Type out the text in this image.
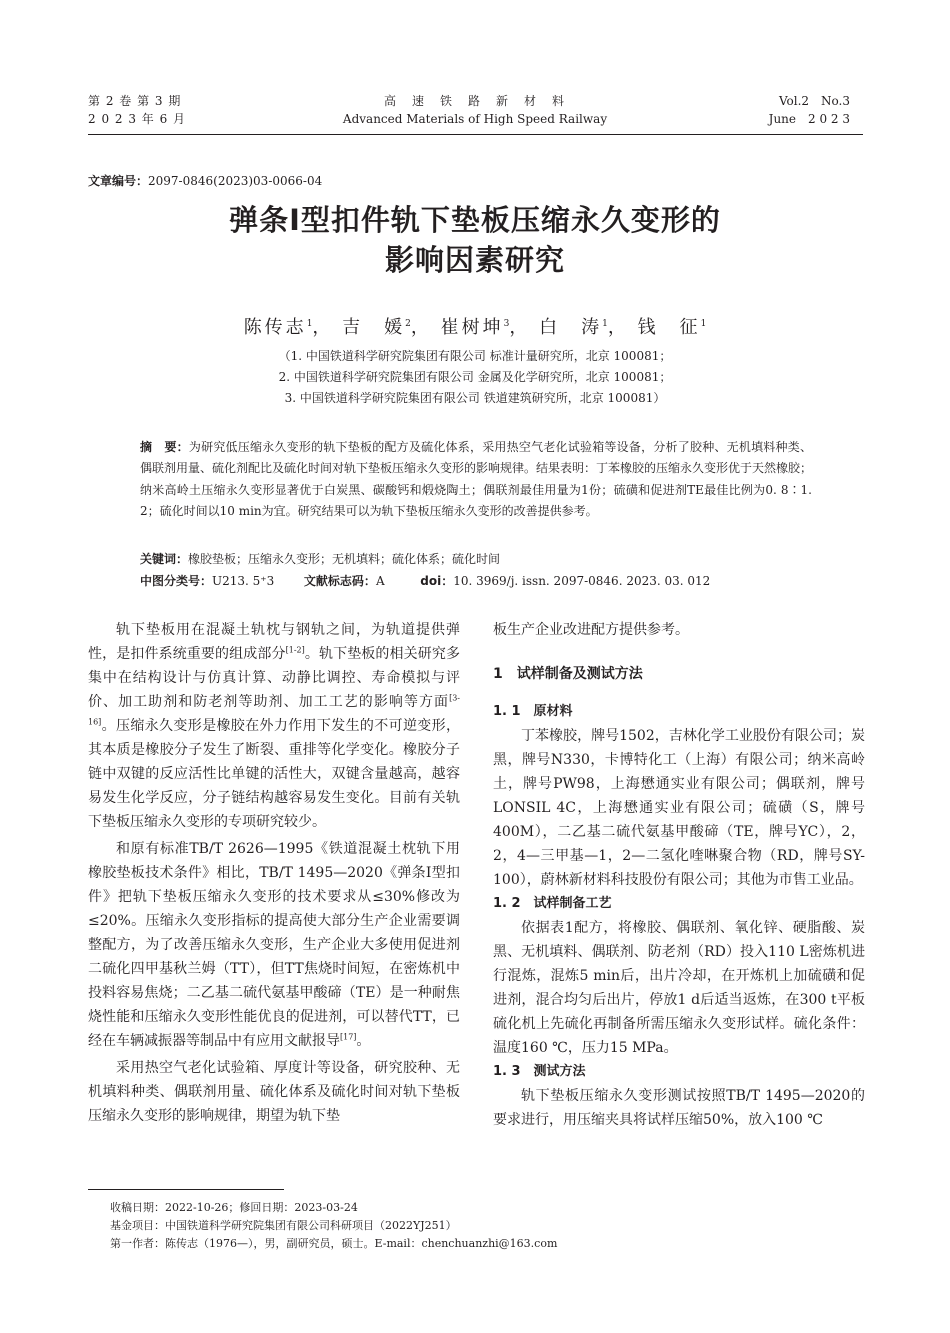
第 2 卷 第 3 期
2 0 2 3 年 6 月
高　速　铁　路　新　材　料
Advanced Materials of High Speed Railway
Vol.2　No.3
June　2 0 2 3
文章编号：2097-0846(2023)03-0066-04
弹条Ⅰ型扣件轨下垫板压缩永久变形的
影响因素研究
陈传志$^1$， 吉　媛$^2$， 崔树坤$^3$， 白　涛$^1$， 钱　征$^1$
（1. 中国铁道科学研究院集团有限公司 标准计量研究所，北京 100081；
2. 中国铁道科学研究院集团有限公司 金属及化学研究所，北京 100081；
3. 中国铁道科学研究院集团有限公司 铁道建筑研究所，北京 100081）
摘　要：为研究低压缩永久变形的轨下垫板的配方及硫化体系，采用热空气老化试验箱等设备，分析了胶种、无机填料种类、偶联剂用量、硫化剂配比及硫化时间对轨下垫板压缩永久变形的影响规律。结果表明：丁苯橡胶的压缩永久变形优于天然橡胶；纳米高岭土压缩永久变形显著优于白炭黑、碳酸钙和煅烧陶土；偶联剂最佳用量为1份；硫磺和促进剂TE最佳比例为0. 8∶1. 2；硫化时间以10 min为宜。研究结果可以为轨下垫板压缩永久变形的改善提供参考。
关键词：橡胶垫板；压缩永久变形；无机填料；硫化体系；硫化时间
中图分类号：U213. 5⁺3 文献标志码：A	doi：10. 3969/j. issn. 2097-0846. 2023. 03. 012

轨下垫板用在混凝土轨枕与钢轨之间，为轨道提供弹性，是扣件系统重要的组成部分[1-2]。轨下垫板的相关研究多集中在结构设计与仿真计算、动静比调控、寿命模拟与评价、加工助剂和防老剂等助剂、加工工艺的影响等方面[3-16]。压缩永久变形是橡胶在外力作用下发生的不可逆变形，其本质是橡胶分子发生了断裂、重排等化学变化。橡胶分子链中双键的反应活性比单键的活性大，双键含量越高，越容易发生化学反应，分子链结构越容易发生变化。目前有关轨下垫板压缩永久变形的专项研究较少。

和原有标准TB/T 2626—1995《铁道混凝土枕轨下用橡胶垫板技术条件》相比，TB/T 1495—2020《弹条Ⅰ型扣件》把轨下垫板压缩永久变形的技术要求从≤30%修改为≤20%。压缩永久变形指标的提高使大部分生产企业需要调整配方，为了改善压缩永久变形，生产企业大多使用促进剂二硫化四甲基秋兰姆（TT），但TT焦烧时间短，在密炼机中投料容易焦烧；二乙基二硫代氨基甲酸碲（TE）是一种耐焦烧性能和压缩永久变形性能优良的促进剂，可以替代TT，已经在车辆减振器等制品中有应用文献报导[17]。

采用热空气老化试验箱、厚度计等设备，研究胶种、无机填料种类、偶联剂用量、硫化体系及硫化时间对轨下垫板压缩永久变形的影响规律，期望为轨下垫

板生产企业改进配方提供参考。

1　试样制备及测试方法

1. 1　原材料

丁苯橡胶，牌号1502，吉林化学工业股份有限公司；炭黑，牌号N330，卡博特化工（上海）有限公司；纳米高岭土，牌号PW98，上海懋通实业有限公司；偶联剂，牌号LONSIL 4C，上海懋通实业有限公司；硫磺（S，牌号400M），二乙基二硫代氨基甲酸碲（TE，牌号YC），2，2，4—三甲基—1，2—二氢化喹啉聚合物（RD，牌号SY-100），蔚林新材料科技股份有限公司；其他为市售工业品。

1. 2　试样制备工艺

依据表1配方，将橡胶、偶联剂、氧化锌、硬脂酸、炭黑、无机填料、偶联剂、防老剂（RD）投入110 L密炼机进行混炼，混炼5 min后，出片冷却，在开炼机上加硫磺和促进剂，混合均匀后出片，停放1 d后适当返炼，在300 t平板硫化机上先硫化再制备所需压缩永久变形试样。硫化条件：温度160 ℃，压力15 MPa。

1. 3　测试方法

轨下垫板压缩永久变形测试按照TB/T 1495—2020的要求进行，用压缩夹具将试样压缩50%，放入100 ℃

收稿日期：2022-10-26；修回日期：2023-03-24
基金项目：中国铁道科学研究院集团有限公司科研项目（2022YJ251）
第一作者：陈传志（1976—），男，副研究员，硕士。E-mail：chenchuanzhi@163.com
